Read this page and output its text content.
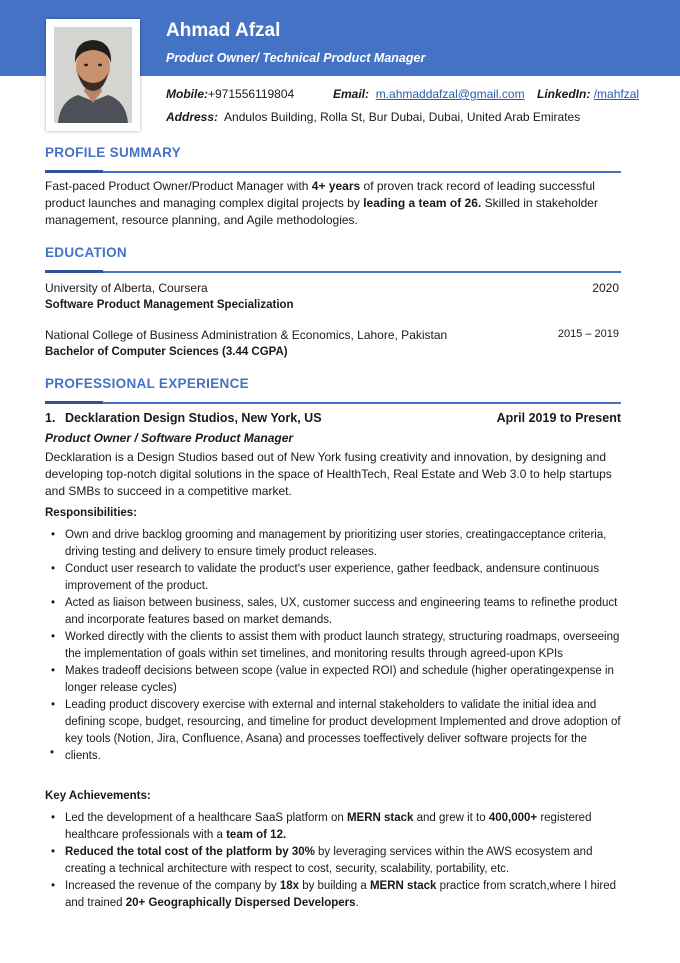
Ahmad Afzal
Product Owner/ Technical Product Manager
Mobile:+971556119804	Email: m.ahmaddafzal@gmail.com LinkedIn: /mahfzal
Address: Andulos Building, Rolla St, Bur Dubai, Dubai, United Arab Emirates
PROFILE SUMMARY
Fast-paced Product Owner/Product Manager with 4+ years of proven track record of leading successful product launches and managing complex digital projects by leading a team of 26. Skilled in stakeholder management, resource planning, and Agile methodologies.
EDUCATION
University of Alberta, Coursera	2020
Software Product Management Specialization
National College of Business Administration & Economics, Lahore, Pakistan	2015 – 2019
Bachelor of Computer Sciences (3.44 CGPA)
PROFESSIONAL EXPERIENCE
1. Decklaration Design Studios, New York, US	April 2019 to Present
Product Owner / Software Product Manager
Decklaration is a Design Studios based out of New York fusing creativity and innovation, by designing and developing top-notch digital solutions in the space of HealthTech, Real Estate and Web 3.0 to help startups and SMBs to succeed in a competitive market.
Responsibilities:
• Own and drive backlog grooming and management by prioritizing user stories, creatingacceptance criteria, driving testing and delivery to ensure timely product releases.
• Conduct user research to validate the product's user experience, gather feedback, andensure continuous improvement of the product.
• Acted as liaison between business, sales, UX, customer success and engineering teams to refinethe product and incorporate features based on market demands.
• Worked directly with the clients to assist them with product launch strategy, structuring roadmaps, overseeing the implementation of goals within set timelines, and monitoring results through agreed-upon KPIs
• Makes tradeoff decisions between scope (value in expected ROI) and schedule (higher operatingexpense in longer release cycles)
• Leading product discovery exercise with external and internal stakeholders to validate the initial idea and defining scope, budget, resourcing, and timeline for product development Implemented and drove adoption of key tools (Notion, Jira, Confluence, Asana) and processes toeffectively deliver software projects for the clients.
•
Key Achievements:
• Led the development of a healthcare SaaS platform on MERN stack and grew it to 400,000+ registered healthcare professionals with a team of 12.
• Reduced the total cost of the platform by 30% by leveraging services within the AWS ecosystem and creating a technical architecture with respect to cost, security, scalability, portability, etc.
• Increased the revenue of the company by 18x by building a MERN stack practice from scratch,where I hired and trained 20+ Geographically Dispersed Developers.
